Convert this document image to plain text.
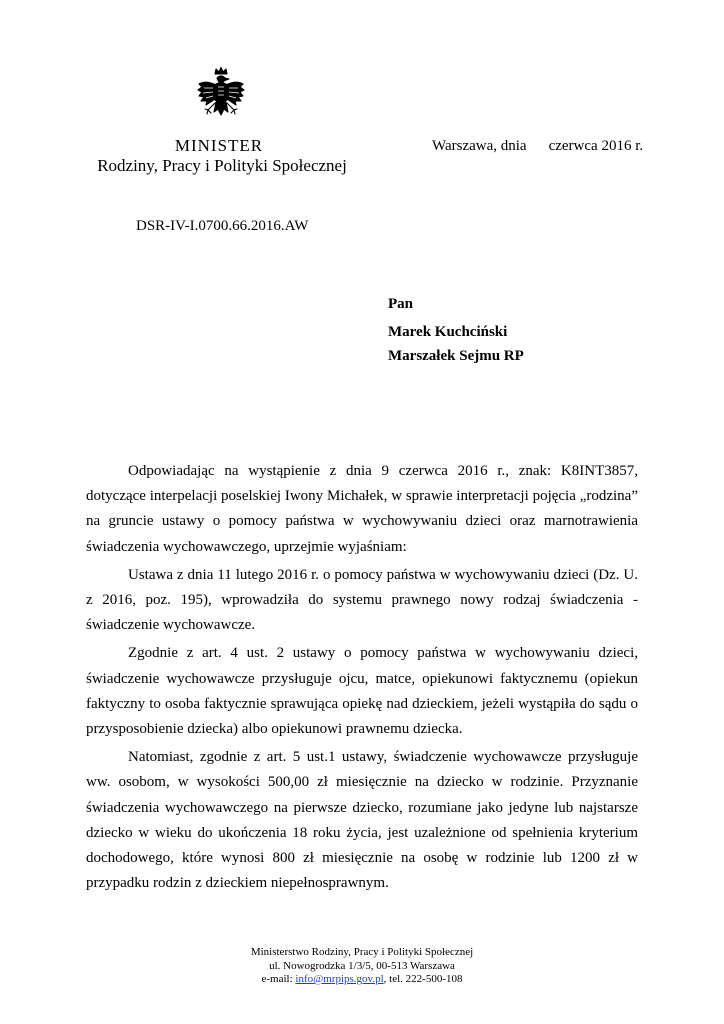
MINISTER
Rodziny, Pracy i Polityki Społecznej
Warszawa, dnia czerwca 2016 r.
DSR-IV-I.0700.66.2016.AW
Pan
Marek Kuchciński
Marszałek Sejmu RP

Odpowiadając na wystąpienie z dnia 9 czerwca 2016 r., znak: K8INT3857, dotyczące interpelacji poselskiej Iwony Michałek, w sprawie interpretacji pojęcia „rodzina” na gruncie ustawy o pomocy państwa w wychowywaniu dzieci oraz marnotrawienia świadczenia wychowawczego, uprzejmie wyjaśniam:

Ustawa z dnia 11 lutego 2016 r. o pomocy państwa w wychowywaniu dzieci (Dz. U. z 2016, poz. 195), wprowadziła do systemu prawnego nowy rodzaj świadczenia - świadczenie wychowawcze.

Zgodnie z art. 4 ust. 2 ustawy o pomocy państwa w wychowywaniu dzieci, świadczenie wychowawcze przysługuje ojcu, matce, opiekunowi faktycznemu (opiekun faktyczny to osoba faktycznie sprawująca opiekę nad dzieckiem, jeżeli wystąpiła do sądu o przysposobienie dziecka) albo opiekunowi prawnemu dziecka.

Natomiast, zgodnie z art. 5 ust.1 ustawy, świadczenie wychowawcze przysługuje ww. osobom, w wysokości 500,00 zł miesięcznie na dziecko w rodzinie. Przyznanie świadczenia wychowawczego na pierwsze dziecko, rozumiane jako jedyne lub najstarsze dziecko w wieku do ukończenia 18 roku życia, jest uzależnione od spełnienia kryterium dochodowego, które wynosi 800 zł miesięcznie na osobę w rodzinie lub 1200 zł w przypadku rodzin z dzieckiem niepełnosprawnym.

Ministerstwo Rodziny, Pracy i Polityki Społecznej
ul. Nowogrodzka 1/3/5, 00-513 Warszawa
e-mail: info@mrpips.gov.pl, tel. 222-500-108
